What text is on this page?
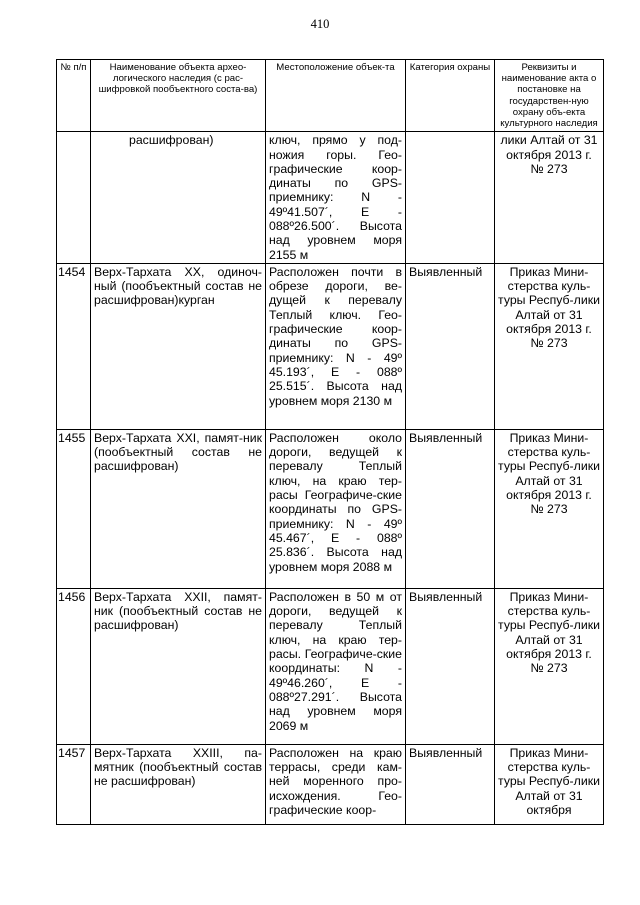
410
№ п/п	Наименование объекта архео-логического наследия (с рас-шифровкой пообъектного соста-ва)	Местоположение объек-та	Категория охраны	Реквизиты и наименование акта о постановке на государствен-ную охрану объ-екта культурного наследия
	расшифрован)	ключ, прямо у под-ножия горы. Гео-графические коор-динаты по GPS-приемнику: N - 49º41.507´, E - 088º26.500´. Высота над уровнем моря 2155 м		лики Алтай от 31 октября 2013 г. № 273
1454	Верх-Тархата XX, одиноч-ный (пообъектный состав не расшифрован)курган	Расположен почти в обрезе дороги, ве-дущей к перевалу Теплый ключ. Гео-графические коор-динаты по GPS-приемнику: N - 49º 45.193´, E - 088º 25.515´. Высота над уровнем моря 2130 м	Выявленный	Приказ Мини-стерства куль-туры Респуб-лики Алтай от 31 октября 2013 г. № 273
1455	Верх-Тархата XXI, памят-ник (пообъектный состав не расшифрован)	Расположен около дороги, ведущей к перевалу Теплый ключ, на краю тер-расы Географиче-ские координаты по GPS-приемнику: N - 49º 45.467´, E - 088º 25.836´. Высота над уровнем моря 2088 м	Выявленный	Приказ Мини-стерства куль-туры Респуб-лики Алтай от 31 октября 2013 г. № 273
1456	Верх-Тархата XXII, памят-ник (пообъектный состав не расшифрован)	Расположен в 50 м от дороги, ведущей к перевалу Теплый ключ, на краю тер-расы. Географиче-ские координаты: N - 49º46.260´, E - 088º27.291´. Высота над уровнем моря 2069 м	Выявленный	Приказ Мини-стерства куль-туры Респуб-лики Алтай от 31 октября 2013 г. № 273
1457	Верх-Тархата XXIII, па-мятник (пообъектный состав не расшифрован)	Расположен на краю террасы, среди кам-ней моренного про-исхождения. Гео-графические коор-	Выявленный	Приказ Мини-стерства куль-туры Респуб-лики Алтай от 31 октября
